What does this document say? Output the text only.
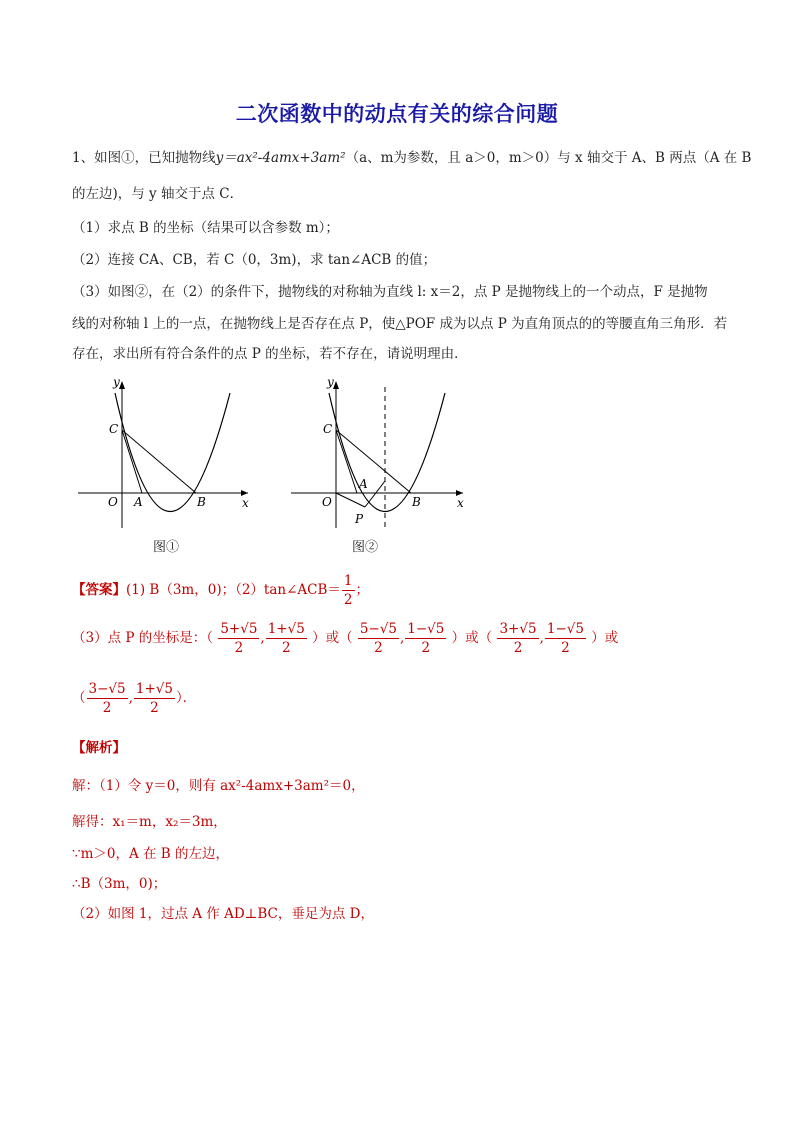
二次函数中的动点有关的综合问题
1、如图①，已知抛物线y＝ax²-4amx+3am²（a、m为参数，且 a＞0，m＞0）与 x 轴交于 A、B 两点（A 在 B
的左边)，与 y 轴交于点 C．
（1）求点 B 的坐标（结果可以含参数 m）；
（2）连接 CA、CB，若 C（0，3m)，求 tan∠ACB 的值；
（3）如图②，在（2）的条件下，抛物线的对称轴为直线 l: x＝2，点 P 是抛物线上的一个动点，F 是抛物
线的对称轴 l 上的一点，在抛物线上是否存在点 P，使△POF 成为以点 P 为直角顶点的的等腰直角三角形．若
存在，求出所有符合条件的点 P 的坐标，若不存在，请说明理由．
y
x
O A	B
C
图①
y
x
O
A
B
C
P
图②
【答案】(1) B（3m，0)；（2）tan∠ACB＝ $\frac{1}{2}$ ；
（3）点 P 的坐标是：（ $\frac{5+√5}{2}$ , $\frac{1+√5}{2}$ ）或（ $\frac{5-√5}{2}$ , $\frac{1-√5}{2}$ ）或（ $\frac{3+√5}{2}$ , $\frac{1-√5}{2}$ ）或
（ $\frac{3-√5}{2}$ , $\frac{1+√5}{2}$ ）．
【解析】
解：（1）令 y＝0，则有 ax²-4amx+3am²＝0，
解得：x₁＝m，x₂＝3m，
∵m＞0，A 在 B 的左边，
∴B（3m，0)；
（2）如图 1，过点 A 作 AD⊥BC，垂足为点 D，
